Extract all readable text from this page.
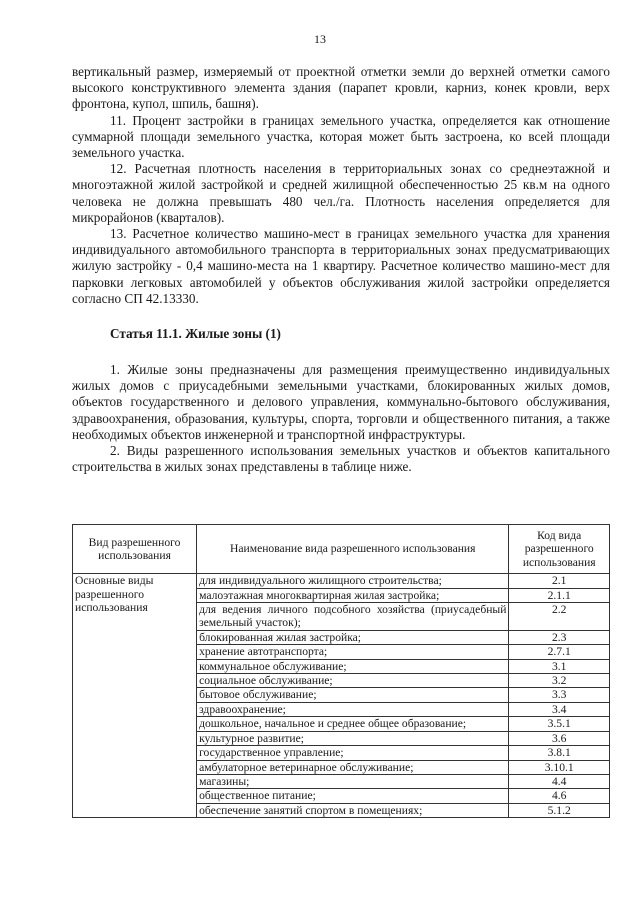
13

вертикальный размер, измеряемый от проектной отметки земли до верхней отметки самого высокого конструктивного элемента здания (парапет кровли, карниз, конек кровли, верх фронтона, купол, шпиль, башня).

11. Процент застройки в границах земельного участка, определяется как отношение суммарной площади земельного участка, которая может быть застроена, ко всей площади земельного участка.

12. Расчетная плотность населения в территориальных зонах со среднеэтажной и многоэтажной жилой застройкой и средней жилищной обеспеченностью 25 кв.м на одного человека не должна превышать 480 чел./га. Плотность населения определяется для микрорайонов (кварталов).

13. Расчетное количество машино-мест в границах земельного участка для хранения индивидуального автомобильного транспорта в территориальных зонах предусматривающих жилую застройку - 0,4 машино-места на 1 квартиру. Расчетное количество машино-мест для парковки легковых автомобилей у объектов обслуживания жилой застройки определяется согласно СП 42.13330.

Статья 11.1. Жилые зоны (1)

1. Жилые зоны предназначены для размещения преимущественно индивидуальных жилых домов с приусадебными земельными участками, блокированных жилых домов, объектов государственного и делового управления, коммунально-бытового обслуживания, здравоохранения, образования, культуры, спорта, торговли и общественного питания, а также необходимых объектов инженерной и транспортной инфраструктуры.

2. Виды разрешенного использования земельных участков и объектов капитального строительства в жилых зонах представлены в таблице ниже.

Вид разрешенного использования	Наименование вида разрешенного использования	Код вида разрешенного использования
Основные виды разрешенного использования	для индивидуального жилищного строительства;	2.1
	малоэтажная многоквартирная жилая застройка;	2.1.1
	для ведения личного подсобного хозяйства (приусадебный земельный участок);	2.2
	блокированная жилая застройка;	2.3
	хранение автотранспорта;	2.7.1
	коммунальное обслуживание;	3.1
	социальное обслуживание;	3.2
	бытовое обслуживание;	3.3
	здравоохранение;	3.4
	дошкольное, начальное и среднее общее образование;	3.5.1
	культурное развитие;	3.6
	государственное управление;	3.8.1
	амбулаторное ветеринарное обслуживание;	3.10.1
	магазины;	4.4
	общественное питание;	4.6
	обеспечение занятий спортом в помещениях;	5.1.2
